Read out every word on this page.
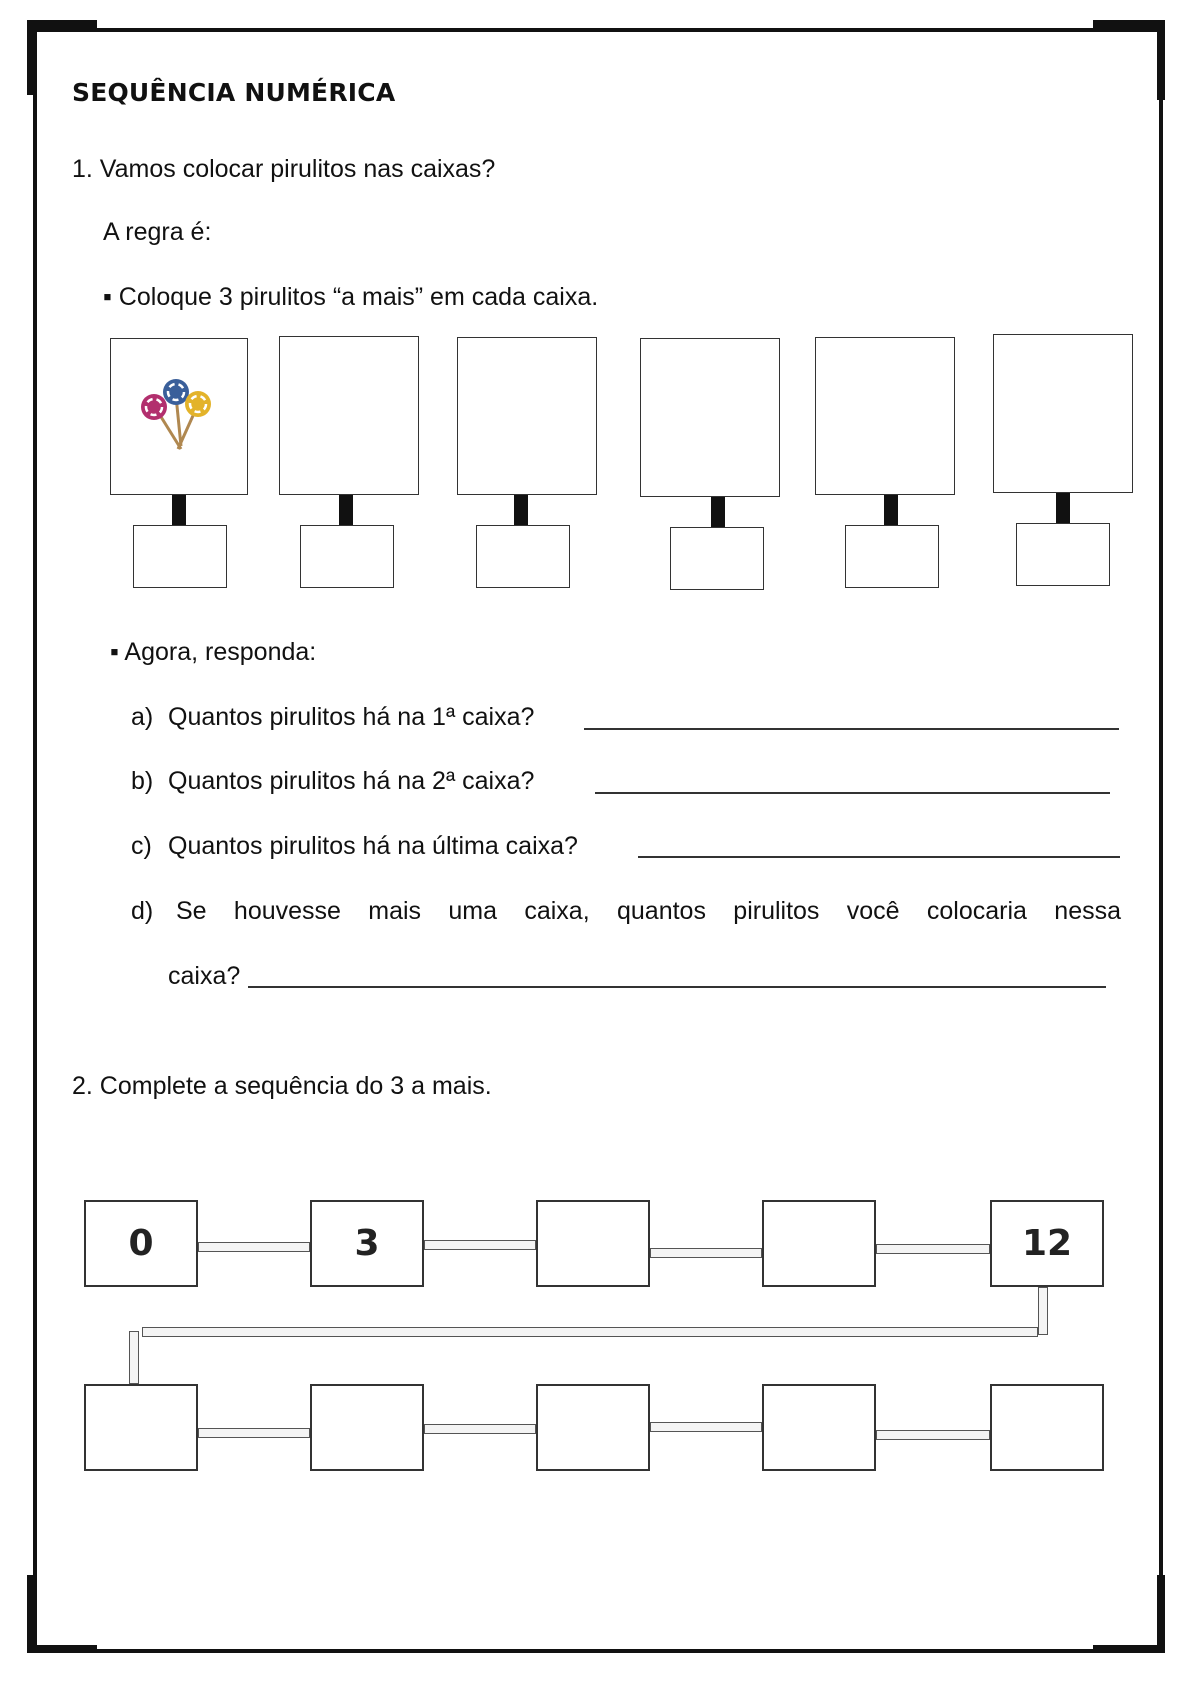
SEQUÊNCIA NUMÉRICA
1. Vamos colocar pirulitos nas caixas?
A regra é:
▪ Coloque 3 pirulitos “a mais” em cada caixa.
▪ Agora, responda:
a) Quantos pirulitos há na 1ª caixa?
b) Quantos pirulitos há na 2ª caixa?
c) Quantos pirulitos há na última caixa?
d) Se houvesse mais uma caixa, quantos pirulitos você colocaria nessa
caixa?
2. Complete a sequência do 3 a mais.
0	3	12
